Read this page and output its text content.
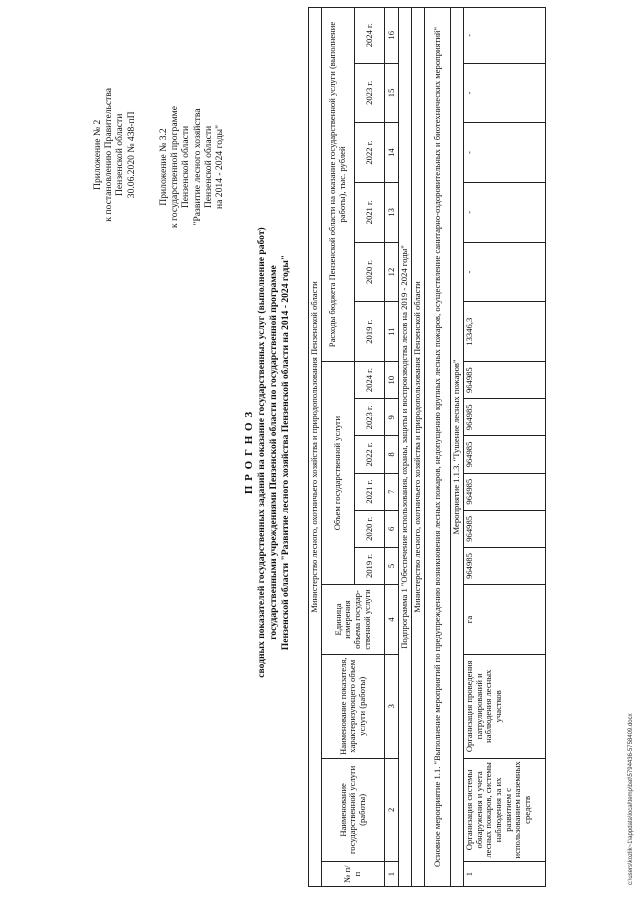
Приложение № 2 к постановлению Правительства Пензенской области 30.06.2020 № 438-пП Приложение № 3.2 к государственной программе Пензенской области "Развитие лесного хозяйства Пензенской области на 2014 - 2024 годы"
П Р О Г Н О З сводных показателей государственных заданий на оказание государственных услуг (выполнение работ) государственными учреждениями Пензенской области по государственной программе Пензенской области "Развитие лесного хозяйства Пензенской области на 2014 - 2024 годы" Министерство лесного, охотничьего хозяйства и природопользования Пензенской области															
№ п/п	Наименование государственной услуги (работы)	Наименование показателя, характеризующего объем услуги (работы)	Единица измерения объема государ-ственной услуги	Объем государственной услуги						Расходы бюджета Пензенской области на оказание государственной услуги (выполнение работы), тыс. рублей					
				2019 г.	2020 г.	2021 г.	2022 г.	2023 г.	2024 г.	2019 г.	2020 г.	2021 г.	2022 г.	2023 г.	2024 г.
1	2	3	4	5	6	7	8	9	10	11	12	13	14	15	16
Подпрограмма 1 "Обеспечение использования, охраны, защиты и воспроизводства лесов на 2019 - 2024 годы"															
Министерство лесного, охотничьего хозяйства и природопользования Пензенской области															
Основное мероприятие 1.1. "Выполнение мероприятий по предупреждению возникновения лесных пожаров, недопущению крупных лесных пожаров, осуществление санитарно-оздоровительных и биотехнических мероприятий"															
Мероприятие 1.1.3. "Тушение лесных пожаров"															
1	Организация системы обнаружения и учета лесных пожаров, системы наблюдения за их развитием с использованием наземных средств	Организация проведения патрулирований и наблюдения лесных участков	га	964985	964985	964985	964985	964985	964985	13346,3	-	-	-	-	-
c:\users\kozlik~1\appdata\local\temp\bat\5794436-5758409.docx
